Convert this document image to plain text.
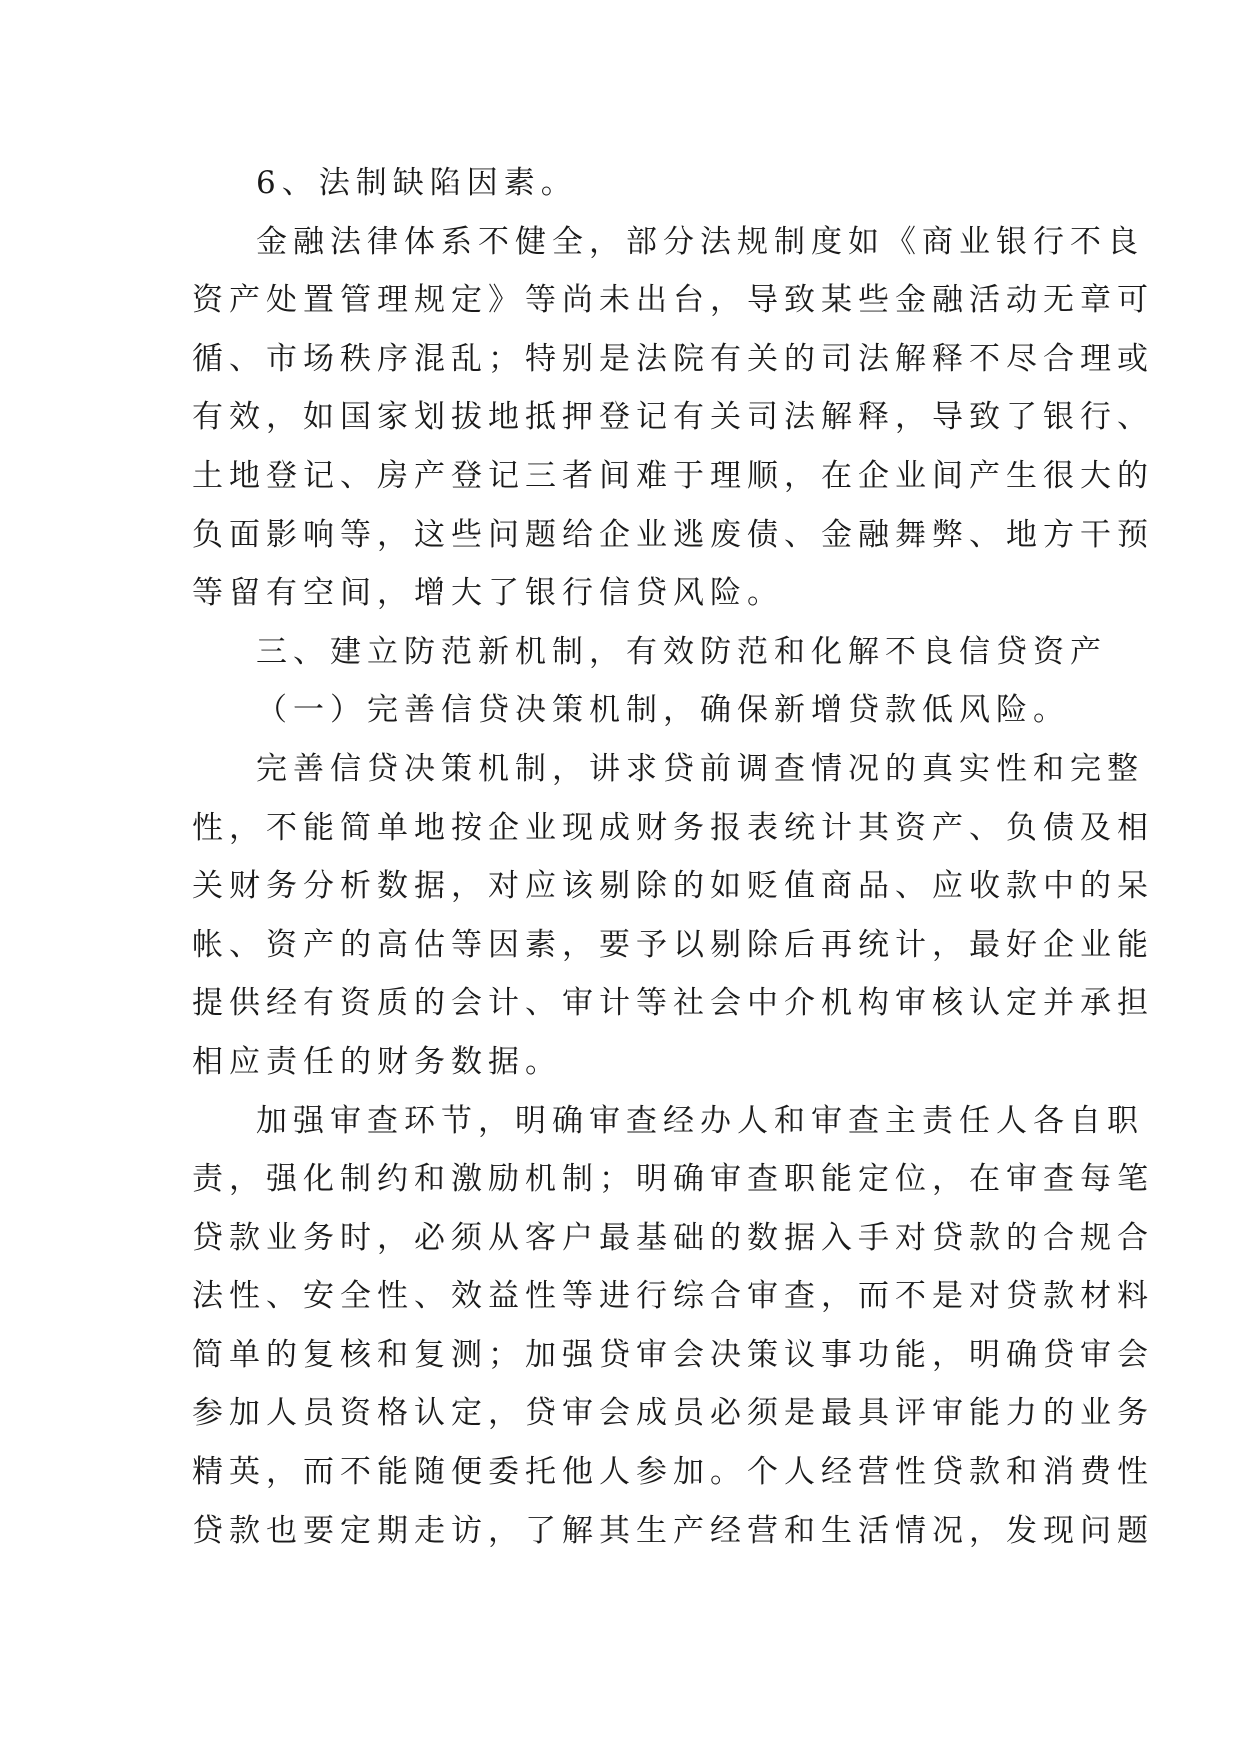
6、法制缺陷因素。
金融法律体系不健全，部分法规制度如《商业银行不良
资产处置管理规定》等尚未出台，导致某些金融活动无章可
循、市场秩序混乱；特别是法院有关的司法解释不尽合理或
有效，如国家划拔地抵押登记有关司法解释，导致了银行、
土地登记、房产登记三者间难于理顺，在企业间产生很大的
负面影响等，这些问题给企业逃废债、金融舞弊、地方干预
等留有空间，增大了银行信贷风险。
三、建立防范新机制，有效防范和化解不良信贷资产
（一）完善信贷决策机制，确保新增贷款低风险。
完善信贷决策机制，讲求贷前调查情况的真实性和完整
性，不能简单地按企业现成财务报表统计其资产、负债及相
关财务分析数据，对应该剔除的如贬值商品、应收款中的呆
帐、资产的高估等因素，要予以剔除后再统计，最好企业能
提供经有资质的会计、审计等社会中介机构审核认定并承担
相应责任的财务数据。
加强审查环节，明确审查经办人和审查主责任人各自职
责，强化制约和激励机制；明确审查职能定位，在审查每笔
贷款业务时，必须从客户最基础的数据入手对贷款的合规合
法性、安全性、效益性等进行综合审查，而不是对贷款材料
简单的复核和复测；加强贷审会决策议事功能，明确贷审会
参加人员资格认定，贷审会成员必须是最具评审能力的业务
精英，而不能随便委托他人参加。个人经营性贷款和消费性
贷款也要定期走访，了解其生产经营和生活情况，发现问题
